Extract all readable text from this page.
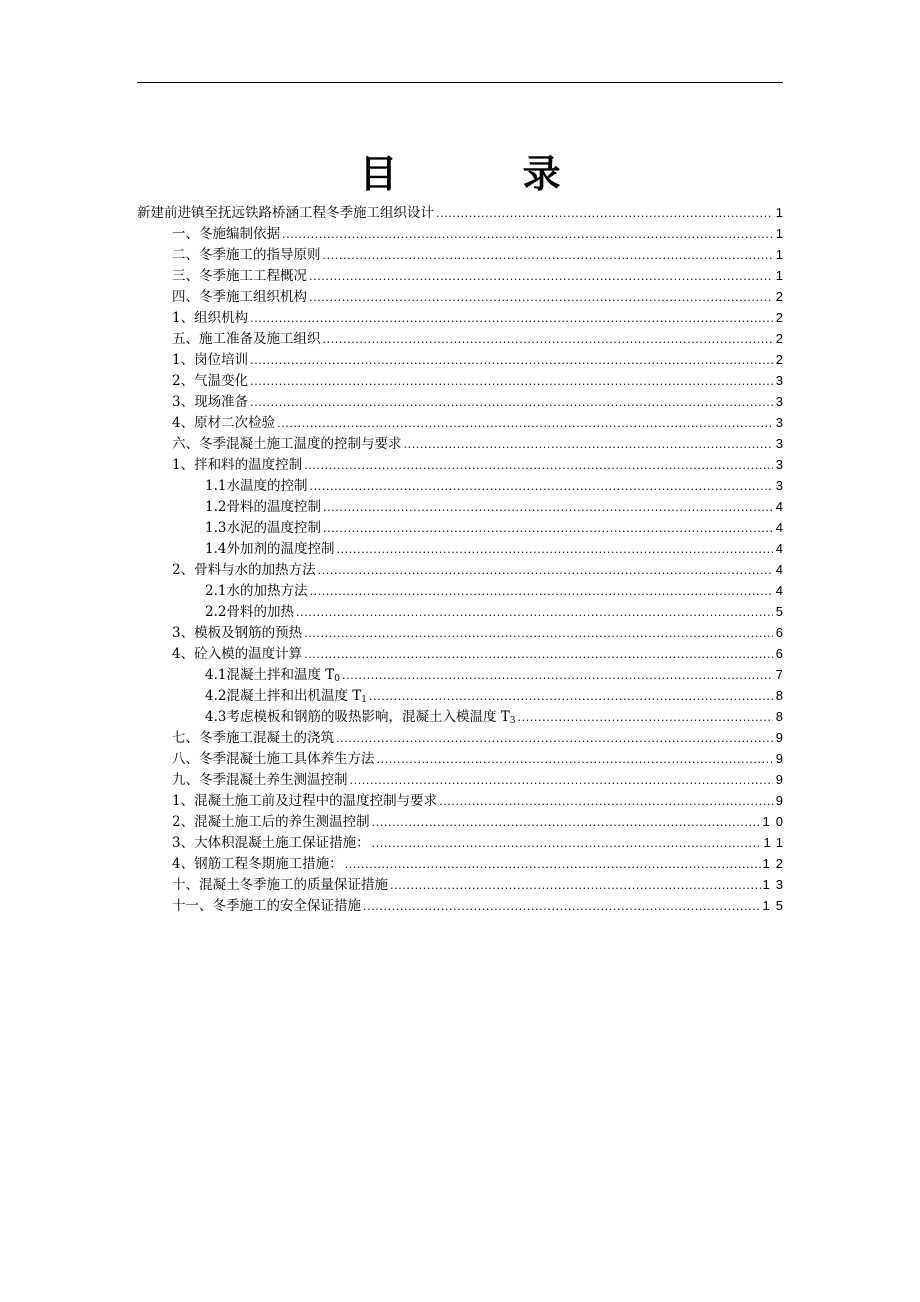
目 录
新建前进镇至抚远铁路桥涵工程冬季施工组织设计 .....	1
一、 冬施编制依据 .....	1
二、 冬季施工的指导原则 .....	1
三、 冬季施工工程概况 .....	1
四、 冬季施工组织机构 .....	2
1、 组织机构 .....	2
五、 施工准备及施工组织 .....	2
1、 岗位培训 .....	2
2、 气温变化 .....	3
3、 现场准备 .....	3
4、 原材二次检验 .....	3
六、 冬季混凝土施工温度的控制与要求 .....	3
1、 拌和料的温度控制 .....	3
1.1 水温度的控制 .....	3
1.2 骨料的温度控制 .....	4
1.3 水泥的温度控制 .....	4
1.4 外加剂的温度控制 .....	4
2、 骨料与水的加热方法 .....	4
2.1 水的加热方法 .....	4
2.2 骨料的加热 .....	5
3、 模板及钢筋的预热 .....	6
4、 砼入模的温度计算 .....	6
4.1 混凝土拌和温度 $T_0$ .....	7
4.2 混凝土拌和出机温度 $T_1$ .....	8
4.3 考虑模板和钢筋的吸热影响，混凝土入模温度 $T_3$ .....	8
七、 冬季施工混凝土的浇筑 .....	9
八、 冬季混凝土施工具体养生方法 .....	9
九、 冬季混凝土养生测温控制 .....	9
1、混凝土施工前及过程中的温度控制与要求 .....	9
2、混凝土施工后的养生测温控制 .....	10
3、大体积混凝土施工保证措施： .....	11
4、钢筋工程冬期施工措施： .....	12
十、 混凝土冬季施工的质量保证措施 .....	13
十一、 冬季施工的安全保证措施 .....	15
